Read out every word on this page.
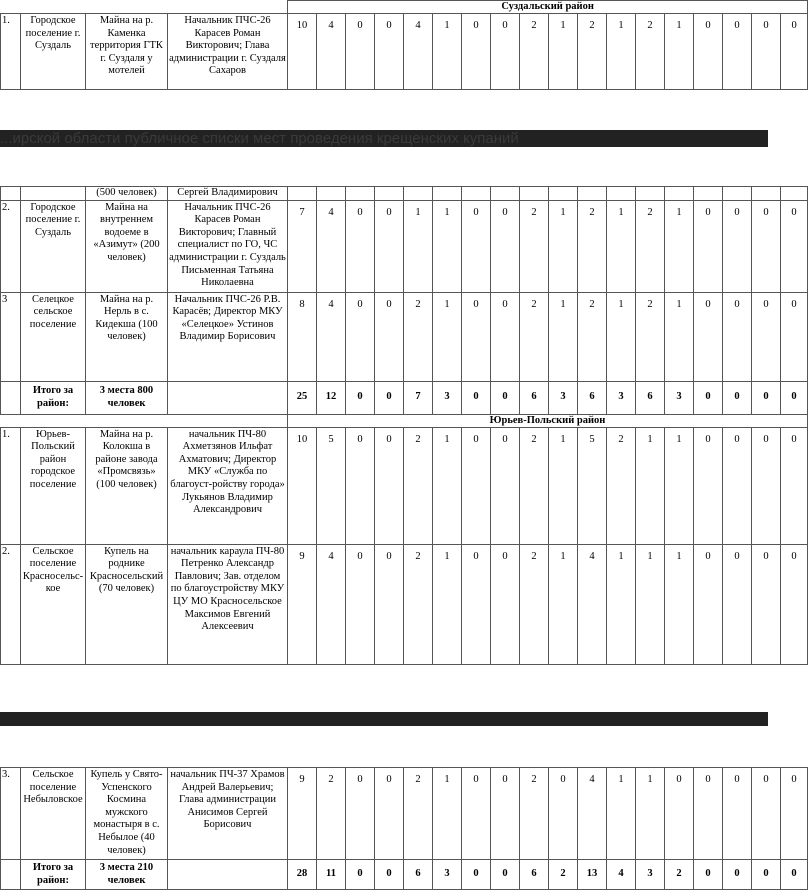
				Суздальский район																	
1.	Городское поселение г. Суздаль	Майна на р. Каменка территория ГТК г. Суздаля у мотелей	Начальник ПЧС-26 Карасев Роман Викторович; Глава администрации г. Суздаля Сахаров	10	4	0	0	4	1	0	0	2	1	2	1	2	1	0	0	0	0
...ирской области публичное списки мест проведения крещенских купаний
		(500 человек)	Сергей Владимирович																		
2.	Городское поселение г. Суздаль	Майна на внутреннем водоеме в «Азимут» (200 человек)	Начальник ПЧС-26 Карасев Роман Викторович; Главный специалист по ГО, ЧС администрации г. Суздаль Письменная Татьяна Николаевна	7	4	0	0	1	1	0	0	2	1	2	1	2	1	0	0	0	0
3	Селецкое сельское поселение	Майна на р. Нерль в с. Кидекша (100 человек)	Начальник ПЧС-26 Р.В. Карасёв; Директор МКУ «Селецкое» Устинов Владимир Борисович	8	4	0	0	2	1	0	0	2	1	2	1	2	1	0	0	0	0
	Итого за район:	3 места 800 человек		25	12	0	0	7	3	0	0	6	3	6	3	6	3	0	0	0	0
				Юрьев-Польский район																	
1.	Юрьев-Польский район городское поселение	Майна на р. Колокша в районе завода «Промсвязь» (100 человек)	начальник ПЧ-80 Ахметзянов Ильфат Ахматович; Директор МКУ «Служба по благоуст-ройству города» Лукьянов Владимир Александрович	10	5	0	0	2	1	0	0	2	1	5	2	1	1	0	0	0	0
2.	Сельское поселение Красносельс-кое	Купель на роднике Красносельский (70 человек)	начальник караула ПЧ-80 Петренко Александр Павлович; Зав. отделом по благоустройству МКУ ЦУ МО Красносельское Максимов Евгений Алексеевич	9	4	0	0	2	1	0	0	2	1	4	1	1	1	0	0	0	0
3.	Сельское поселение Небыловское	Купель у Свято-Успенского Космина мужского монастыря в с. Небылое (40 человек)	начальник ПЧ-37 Храмов Андрей Валерьевич; Глава администрации Анисимов Сергей Борисович	9	2	0	0	2	1	0	0	2	0	4	1	1	0	0	0	0	0
	Итого за район:	3 места 210 человек		28	11	0	0	6	3	0	0	6	2	13	4	3	2	0	0	0	0
